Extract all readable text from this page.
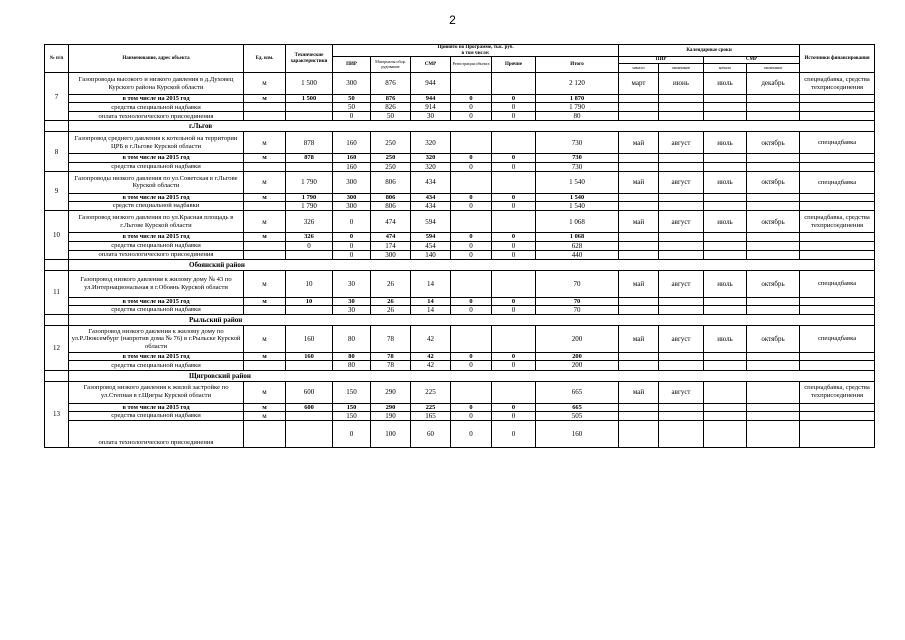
2
№ п/п	Наименование, адрес объекта	Ед. изм.	Технические характеристики	Принято по Программе, тыс. руб.
в том числе:						Календарные сроки				Источники финансирования
				ПИР	Материалы обор. рудование	СМР	Регистрация объекта	Прочие	Итого	ПИР		СМР		
										начало	окончание	начало	окончание	
7	Газопроводы высокого и низкого давления в д.Духовец Курского района Курской области	м	1 500	300	876	944			2 120	март	июнь	июль	декабрь	спецнадбавка, средства техприсоединения
	в том числе на 2015 год	м	1 500	50	876	944	0	0	1 870					
	средства специальной надбавки			50	826	914	0	0	1 790					
	оплата технологического присоединения			0	50	30	0	0	80					
	г.Льгов													
8	Газопровод среднего давления к котельной на территории ЦРБ в г.Льгове Курской области	м	878	160	250	320			730	май	август	июль	октябрь	спецнадбавка
	в том числе на 2015 год	м	878	160	250	320	0	0	730					
	средства специальной надбавки			160	250	320	0	0	730					
9	Газопроводы низкого давления по ул.Советская в г.Льгове Курской области	м	1 790	300	806	434			1 540	май	август	июль	октябрь	спецнадбавка
	в том числе на 2015 год	м	1 790	300	806	434	0	0	1 540					
	средств специальной надбавки		1 790	300	806	434	0	0	1 540					
10	Газопровод низкого давления по ул.Красная площадь в г.Льгове Курской области	м	326	0	474	594			1 068	май	август	июль	октябрь	спецнадбавка, средства техприсоединения
	в том числе на 2015 год	м	326	0	474	594	0	0	1 068					
	средства специальной надбавки		0	0	174	454	0	0	628					
	оплата технологического присоединения			0	300	140	0	0	440					
	Обоянский район													
11	Газопровод низкого давления к жилому дому № 43 по ул.Интернациональная в г.Обоянь Курской области	м	10	30	26	14			70	май	август	июль	октябрь	спецнадбавка
	в том числе на 2015 год	м	10	30	26	14	0	0	70					
	средства специальной надбавки			30	26	14	0	0	70					
	Рыльский район													
12	Газопровод низкого давления к жилому дому по ул.Р.Люксембург (напротив дома № 76) в г.Рыльске Курской области	м	160	80	78	42			200	май	август	июль	октябрь	спецнадбавка
	в том числе на 2015 год	м	160	80	78	42	0	0	200					
	средства специальной надбавки			80	78	42	0	0	200					
	Щигровский район													
13	Газопровод низкого давления к жилой застройке по ул.Степная в г.Щигры Курской области	м	600	150	290	225			665	май	август			спецнадбавка, средства техприсоединения
	в том числе на 2015 год	м	600	150	290	225	0	0	665					
	средства специальной надбавки	м		150	190	165	0	0	505					
	оплата технологического присоединения			0	100	60	0	0	160					
